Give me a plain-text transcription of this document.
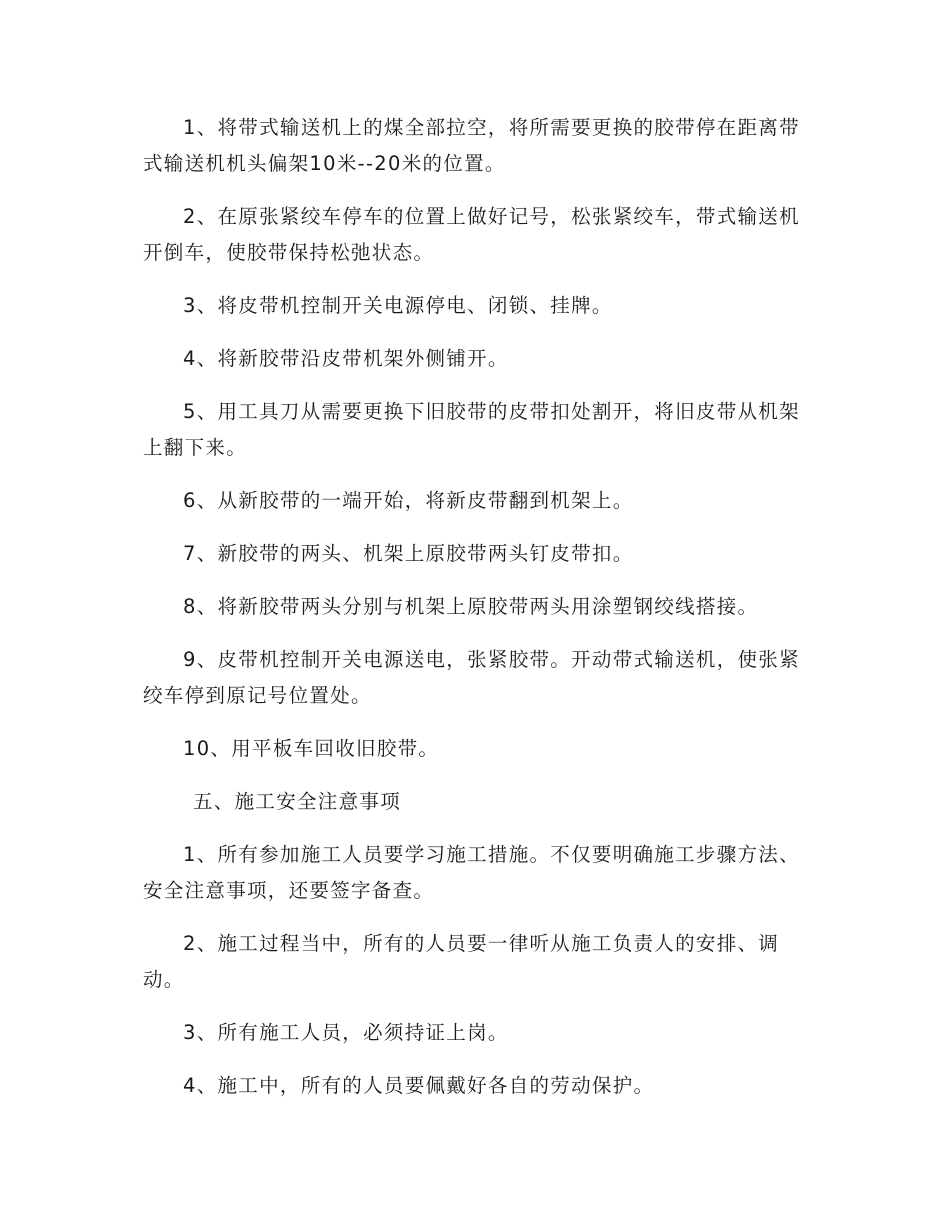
1、将带式输送机上的煤全部拉空，将所需要更换的胶带停在距离带式输送机机头偏架10米--20米的位置。

2、在原张紧绞车停车的位置上做好记号，松张紧绞车，带式输送机开倒车，使胶带保持松弛状态。

3、将皮带机控制开关电源停电、闭锁、挂牌。

4、将新胶带沿皮带机架外侧铺开。

5、用工具刀从需要更换下旧胶带的皮带扣处割开，将旧皮带从机架上翻下来。

6、从新胶带的一端开始，将新皮带翻到机架上。

7、新胶带的两头、机架上原胶带两头钉皮带扣。

8、将新胶带两头分别与机架上原胶带两头用涂塑钢绞线搭接。

9、皮带机控制开关电源送电，张紧胶带。开动带式输送机，使张紧绞车停到原记号位置处。

10、用平板车回收旧胶带。

五、施工安全注意事项

1、所有参加施工人员要学习施工措施。不仅要明确施工步骤方法、安全注意事项，还要签字备查。

2、施工过程当中，所有的人员要一律听从施工负责人的安排、调动。

3、所有施工人员，必须持证上岗。

4、施工中，所有的人员要佩戴好各自的劳动保护。
